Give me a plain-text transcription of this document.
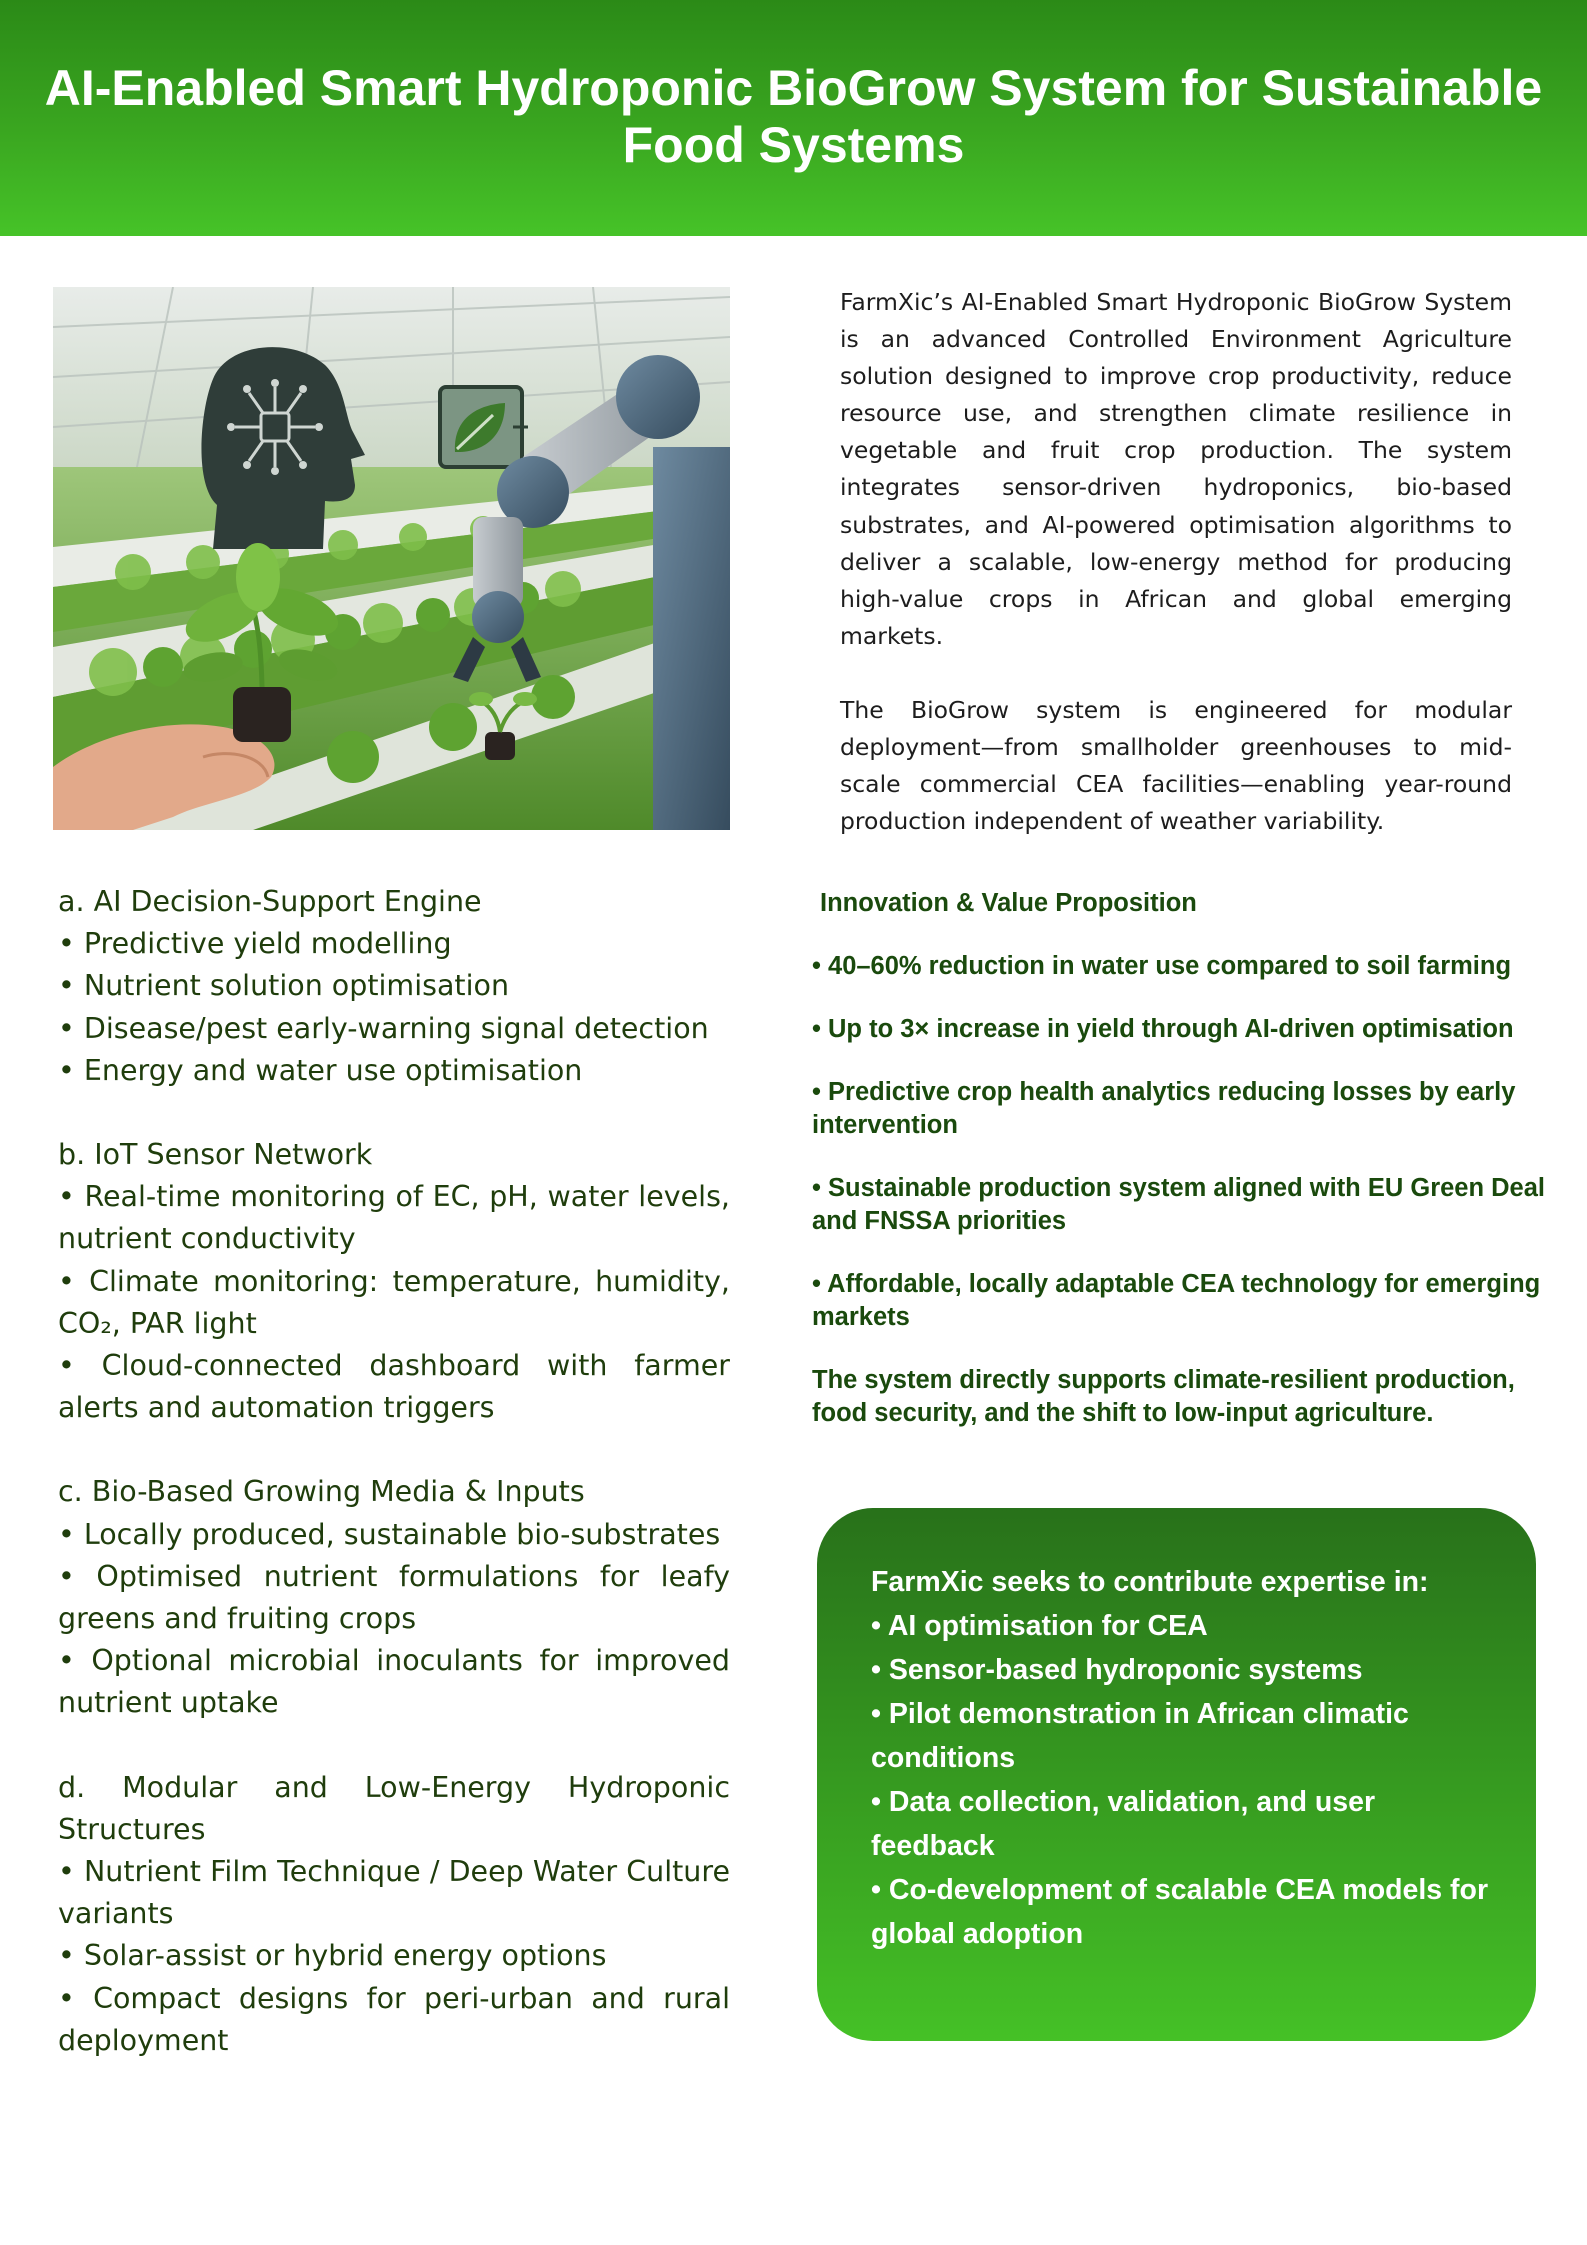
AI-Enabled Smart Hydroponic BioGrow System for Sustainable Food Systems

FarmXic’s AI-Enabled Smart Hydroponic BioGrow System is an advanced Controlled Environment Agriculture solution designed to improve crop productivity, reduce resource use, and strengthen climate resilience in vegetable and fruit crop production. The system integrates sensor-driven hydroponics, bio-based substrates, and AI-powered optimisation algorithms to deliver a scalable, low-energy method for producing high-value crops in African and global emerging markets.

The BioGrow system is engineered for modular deployment—from smallholder greenhouses to mid-scale commercial CEA facilities—enabling year-round production independent of weather variability.

a. AI Decision-Support Engine
• Predictive yield modelling
• Nutrient solution optimisation
• Disease/pest early-warning signal detection
• Energy and water use optimisation
b. IoT Sensor Network
• Real-time monitoring of EC, pH, water levels, nutrient conductivity
• Climate monitoring: temperature, humidity, CO₂, PAR light
• Cloud-connected dashboard with farmer alerts and automation triggers
c. Bio-Based Growing Media & Inputs
• Locally produced, sustainable bio-substrates
• Optimised nutrient formulations for leafy greens and fruiting crops
• Optional microbial inoculants for improved nutrient uptake
d. Modular and Low-Energy Hydroponic Structures
• Nutrient Film Technique / Deep Water Culture variants
• Solar-assist or hybrid energy options
• Compact designs for peri-urban and rural deployment
Innovation & Value Proposition
• 40–60% reduction in water use compared to soil farming
• Up to 3× increase in yield through AI-driven optimisation
• Predictive crop health analytics reducing losses by early intervention
• Sustainable production system aligned with EU Green Deal and FNSSA priorities
• Affordable, locally adaptable CEA technology for emerging markets
The system directly supports climate-resilient production, food security, and the shift to low-input agriculture.
FarmXic seeks to contribute expertise in:
• AI optimisation for CEA
• Sensor-based hydroponic systems
• Pilot demonstration in African climatic conditions
• Data collection, validation, and user feedback
• Co-development of scalable CEA models for global adoption
